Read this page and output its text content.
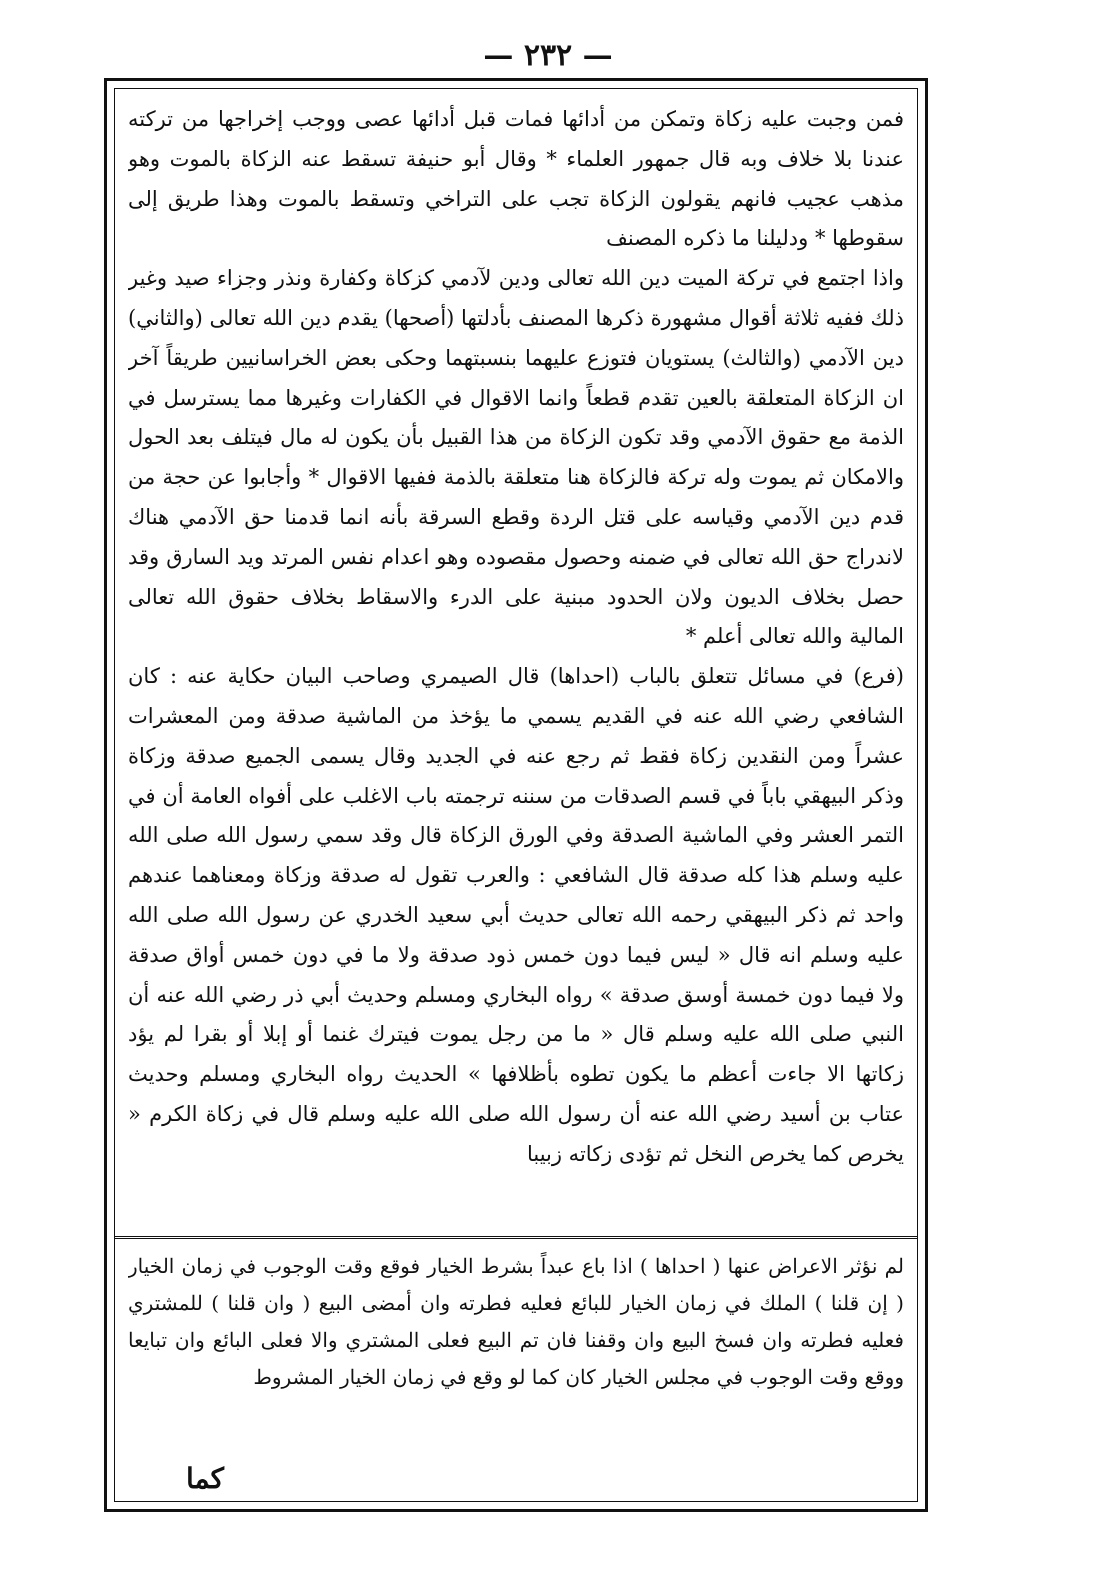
— ٢٣٢ —

فمن وجبت عليه زكاة وتمكن من أدائها فمات قبل أدائها عصى ووجب إخراجها من تركته عندنا بلا خلاف وبه قال جمهور العلماء * وقال أبو حنيفة تسقط عنه الزكاة بالموت وهو مذهب عجيب فانهم يقولون الزكاة تجب على التراخي وتسقط بالموت وهذا طريق إلى سقوطها * ودليلنا ما ذكره المصنف

واذا اجتمع في تركة الميت دين الله تعالى ودين لآدمي كزكاة وكفارة ونذر وجزاء صيد وغير ذلك ففيه ثلاثة أقوال مشهورة ذكرها المصنف بأدلتها (أصحها) يقدم دين الله تعالى (والثاني) دين الآدمي (والثالث) يستويان فتوزع عليهما بنسبتهما وحكى بعض الخراسانيين طريقاً آخر ان الزكاة المتعلقة بالعين تقدم قطعاً وانما الاقوال في الكفارات وغيرها مما يسترسل في الذمة مع حقوق الآدمي وقد تكون الزكاة من هذا القبيل بأن يكون له مال فيتلف بعد الحول والامكان ثم يموت وله تركة فالزكاة هنا متعلقة بالذمة ففيها الاقوال * وأجابوا عن حجة من قدم دين الآدمي وقياسه على قتل الردة وقطع السرقة بأنه انما قدمنا حق الآدمي هناك لاندراج حق الله تعالى في ضمنه وحصول مقصوده وهو اعدام نفس المرتد ويد السارق وقد حصل بخلاف الديون ولان الحدود مبنية على الدرء والاسقاط بخلاف حقوق الله تعالى المالية والله تعالى أعلم *

(فرع) في مسائل تتعلق بالباب (احداها) قال الصيمري وصاحب البيان حكاية عنه : كان الشافعي رضي الله عنه في القديم يسمي ما يؤخذ من الماشية صدقة ومن المعشرات عشراً ومن النقدين زكاة فقط ثم رجع عنه في الجديد وقال يسمى الجميع صدقة وزكاة وذكر البيهقي باباً في قسم الصدقات من سننه ترجمته باب الاغلب على أفواه العامة أن في التمر العشر وفي الماشية الصدقة وفي الورق الزكاة قال وقد سمي رسول الله صلى الله عليه وسلم هذا كله صدقة قال الشافعي : والعرب تقول له صدقة وزكاة ومعناهما عندهم واحد ثم ذكر البيهقي رحمه الله تعالى حديث أبي سعيد الخدري عن رسول الله صلى الله عليه وسلم انه قال « ليس فيما دون خمس ذود صدقة ولا ما في دون خمس أواق صدقة ولا فيما دون خمسة أوسق صدقة » رواه البخاري ومسلم وحديث أبي ذر رضي الله عنه أن النبي صلى الله عليه وسلم قال « ما من رجل يموت فيترك غنما أو إبلا أو بقرا لم يؤد زكاتها الا جاءت أعظم ما يكون تطوه بأظلافها » الحديث رواه البخاري ومسلم وحديث عتاب بن أسيد رضي الله عنه أن رسول الله صلى الله عليه وسلم قال في زكاة الكرم « يخرص كما يخرص النخل ثم تؤدى زكاته زبيبا

لم نؤثر الاعراض عنها ( احداها ) اذا باع عبداً بشرط الخيار فوقع وقت الوجوب في زمان الخيار ( إن قلنا ) الملك في زمان الخيار للبائع فعليه فطرته وان أمضى البيع ( وان قلنا ) للمشتري فعليه فطرته وان فسخ البيع وان وقفنا فان تم البيع فعلى المشتري والا فعلى البائع وان تبايعا ووقع وقت الوجوب في مجلس الخيار كان كما لو وقع في زمان الخيار المشروط

كما
